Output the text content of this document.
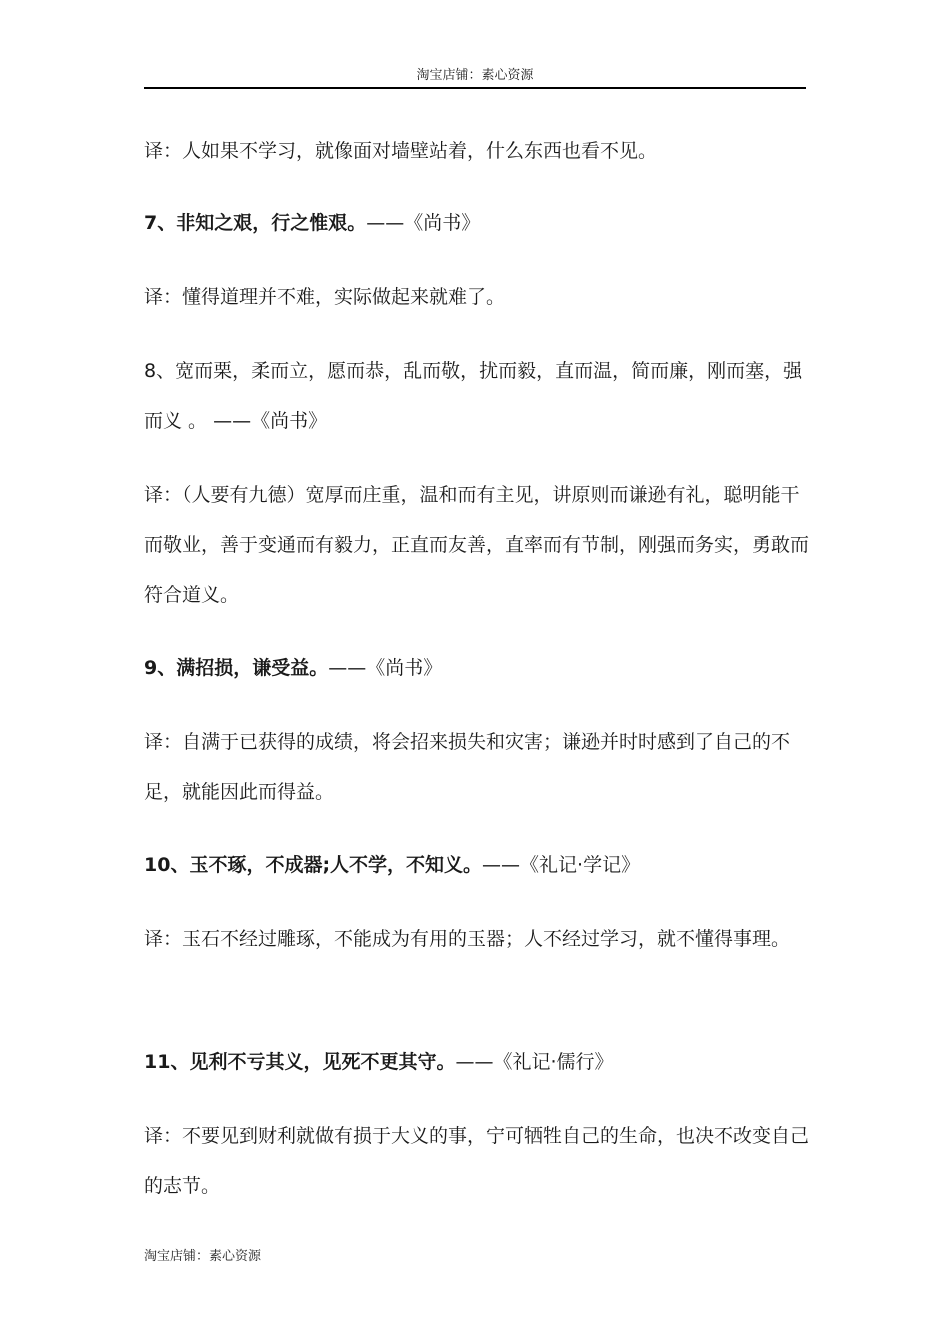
淘宝店铺：素心资源
译：人如果不学习，就像面对墙壁站着，什么东西也看不见。
7、非知之艰，行之惟艰。——《尚书》
译：懂得道理并不难，实际做起来就难了。
8、宽而栗，柔而立，愿而恭，乱而敬，扰而毅，直而温，简而廉，刚而塞，强而义 。 ——《尚书》
译：（人要有九德）宽厚而庄重，温和而有主见，讲原则而谦逊有礼，聪明能干而敬业，善于变通而有毅力，正直而友善，直率而有节制，刚强而务实，勇敢而符合道义。
9、满招损，谦受益。——《尚书》
译：自满于已获得的成绩，将会招来损失和灾害；谦逊并时时感到了自己的不足，就能因此而得益。
10、玉不琢，不成器;人不学，不知义。——《礼记·学记》
译：玉石不经过雕琢，不能成为有用的玉器；人不经过学习，就不懂得事理。
11、见利不亏其义，见死不更其守。——《礼记·儒行》
译：不要见到财利就做有损于大义的事，宁可牺牲自己的生命，也决不改变自己的志节。
淘宝店铺：素心资源
